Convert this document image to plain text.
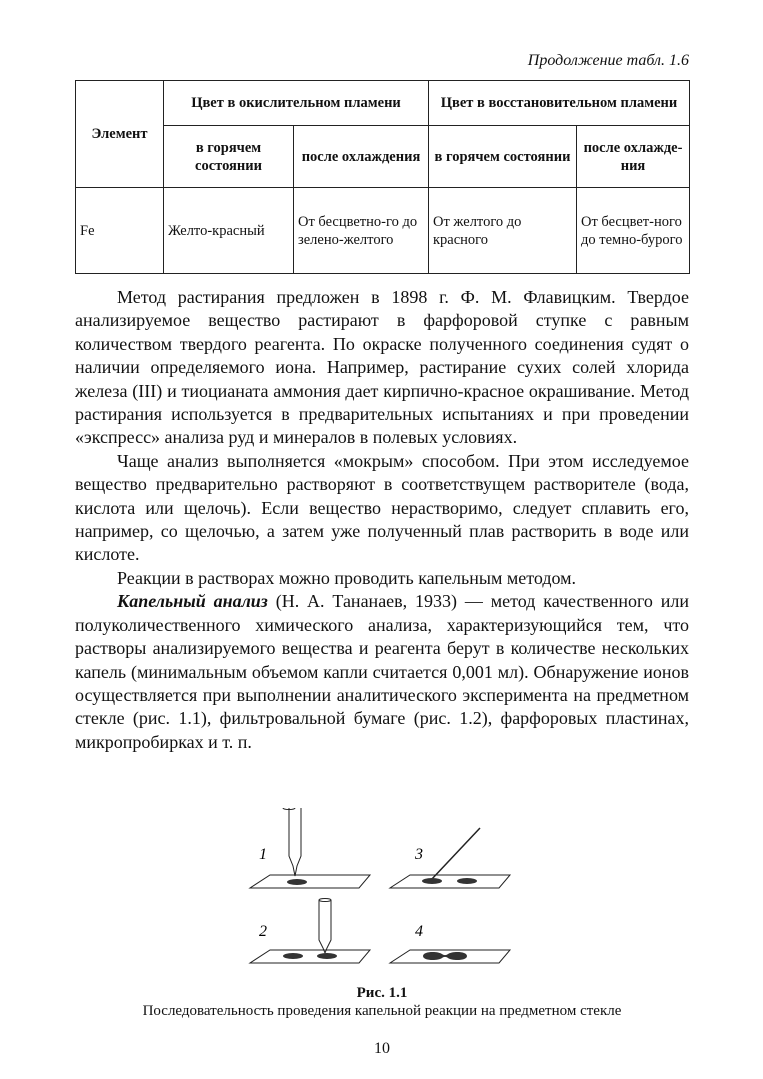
Продолжение табл. 1.6
Элемент	Цвет в окислительном пламени		Цвет в восстановительном пламени	
	в горячем состоянии	после охлаждения	в горячем состоянии	после охлажде-ния
Fe	Желто-красный	От бесцветно-го до зелено-желтого	От желтого до красного	От бесцвет-ного до темно-бурого

Метод растирания предложен в 1898 г. Ф. М. Флавицким. Твердое анализируемое вещество растирают в фарфоровой ступке с равным количеством твердого реагента. По окраске полученного соединения судят о наличии определяемого иона. Например, растирание сухих солей хлорида железа (III) и тиоцианата аммония дает кирпично-красное окрашивание. Метод растирания используется в предварительных испытаниях и при проведении «экспресс» анализа руд и минералов в полевых условиях.

Чаще анализ выполняется «мокрым» способом. При этом исследуемое вещество предварительно растворяют в соответствущем растворителе (вода, кислота или щелочь). Если вещество нерастворимо, следует сплавить его, например, со щелочью, а затем уже полученный плав растворить в воде или кислоте.

Реакции в растворах можно проводить капельным методом.

Капельный анализ (Н. А. Тананаев, 1933) — метод качественного или полуколичественного химического анализа, характеризующийся тем, что растворы анализируемого вещества и реагента берут в количестве нескольких капель (минимальным объемом капли считается 0,001 мл). Обнаружение ионов осуществляется при выполнении аналитического эксперимента на предметном стекле (рис. 1.1), фильтровальной бумаге (рис. 1.2), фарфоровых пластинах, микропробирках и т. п.

1	3
2	4
Рис. 1.1
Последовательность проведения капельной реакции на предметном стекле
10
